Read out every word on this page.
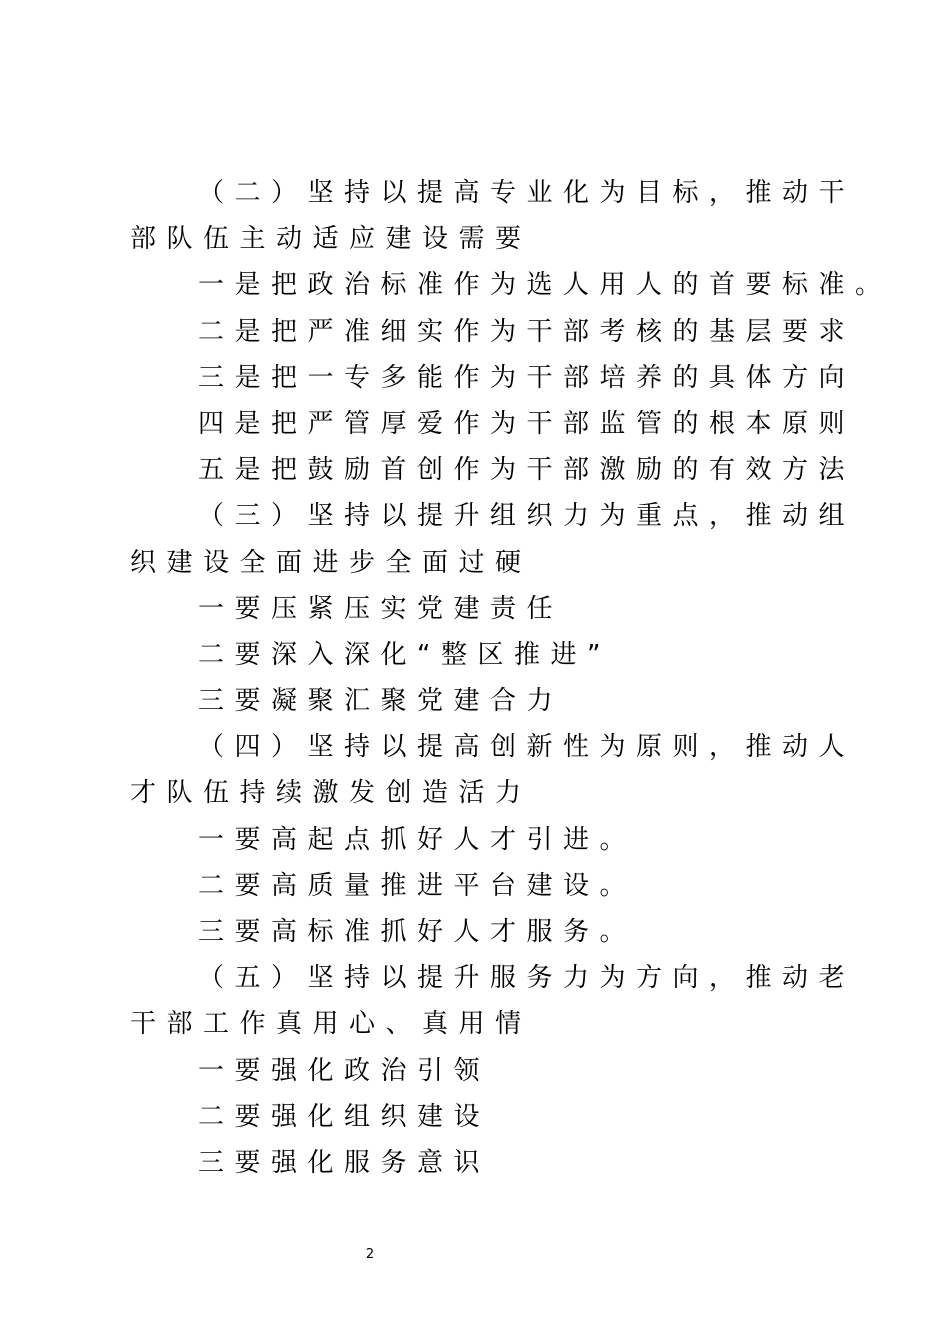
（二）坚持以提高专业化为目标，推动干
部队伍主动适应建设需要
一是把政治标准作为选人用人的首要标准。
二是把严准细实作为干部考核的基层要求
三是把一专多能作为干部培养的具体方向
四是把严管厚爱作为干部监管的根本原则
五是把鼓励首创作为干部激励的有效方法
（三）坚持以提升组织力为重点，推动组
织建设全面进步全面过硬
一要压紧压实党建责任
二要深入深化“整区推进”
三要凝聚汇聚党建合力
（四）坚持以提高创新性为原则，推动人
才队伍持续激发创造活力
一要高起点抓好人才引进。
二要高质量推进平台建设。
三要高标准抓好人才服务。
（五）坚持以提升服务力为方向，推动老
干部工作真用心、真用情
一要强化政治引领
二要强化组织建设
三要强化服务意识
2
